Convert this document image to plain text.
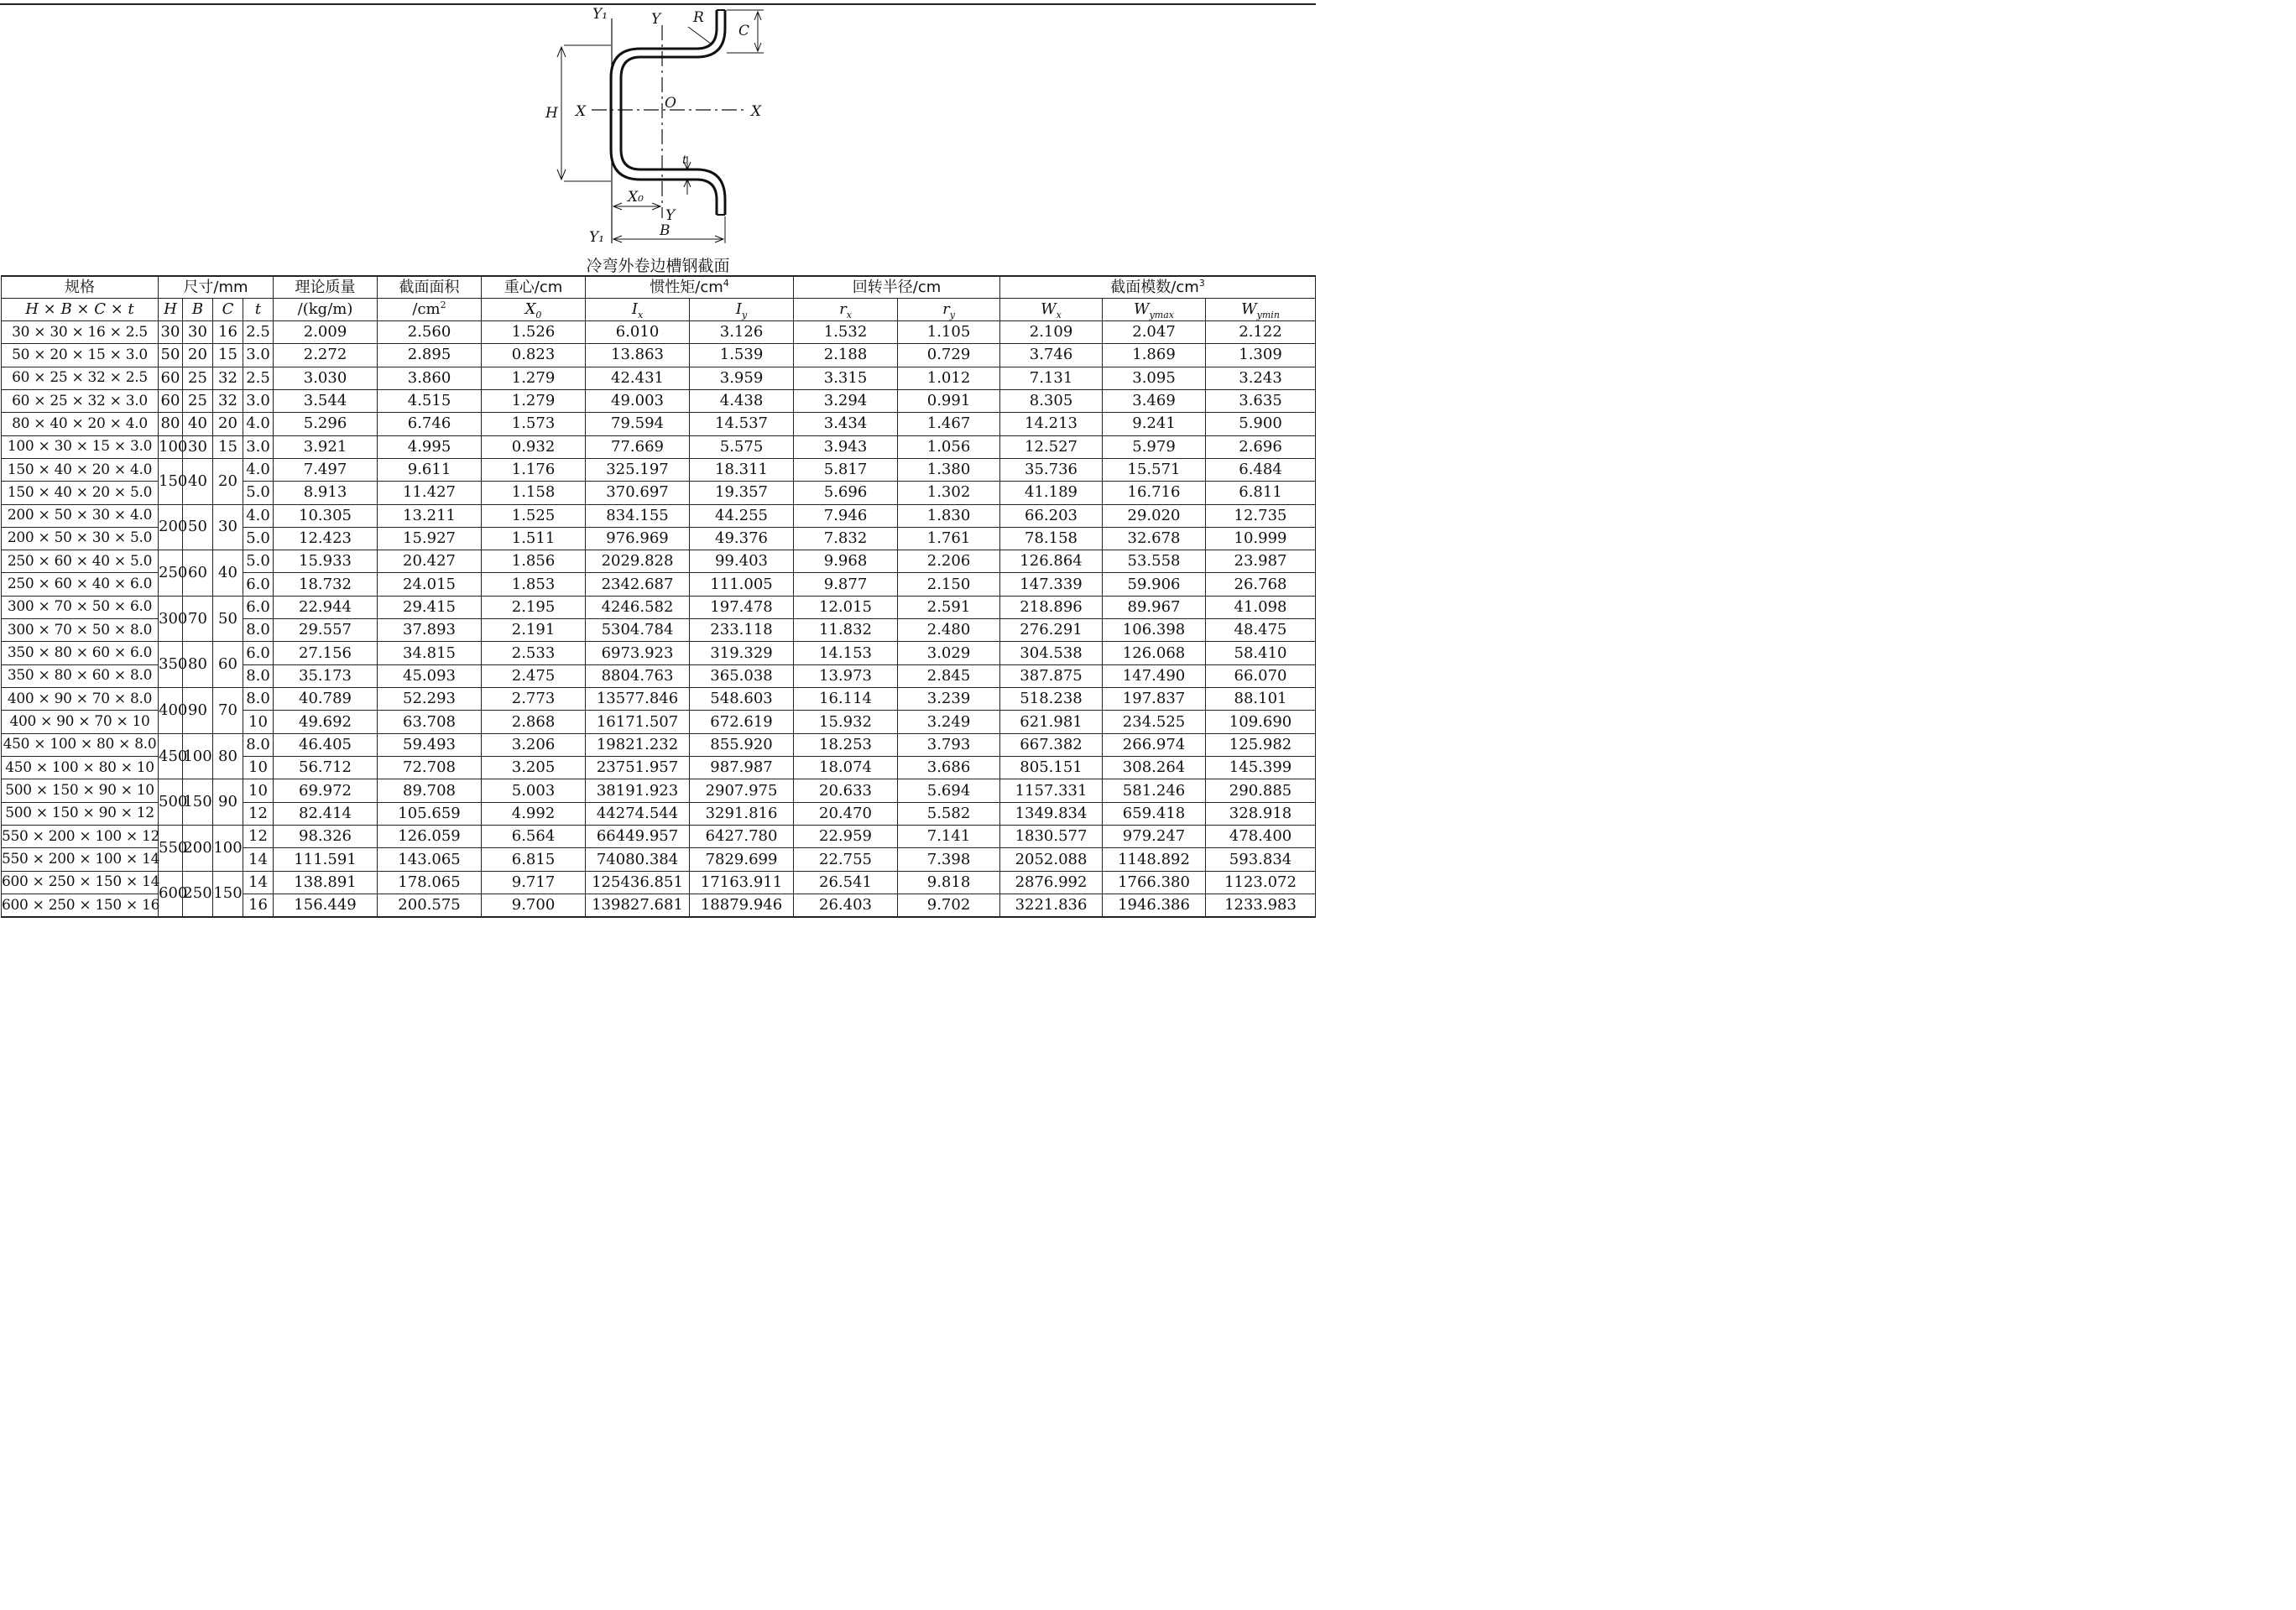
Y₁	Y R
C
H X	O	X
t
X₀
Y
B
Y₁
冷弯外卷边槽钢截面
规格	尺寸/mm				理论质量	截面面积	重心/cm	惯性矩$/cm^4$		回转半径/cm		截面模数$/cm^3$
H × B × C × t	H	B	C	t	/(kg/m)	$/cm^2$	$X_0$	$I_x$	$I_y$	$r_x$	$r_y$	$W_x$	$W_{ymax}$	$W_{ymin}$
30 × 30 × 16 × 2.5	30	30	16	2.5	2.009	2.560	1.526	6.010	3.126	1.532	1.105	2.109	2.047	2.122
50 × 20 × 15 × 3.0	50	20	15	3.0	2.272	2.895	0.823	13.863	1.539	2.188	0.729	3.746	1.869	1.309
60 × 25 × 32 × 2.5	60	25	32	2.5	3.030	3.860	1.279	42.431	3.959	3.315	1.012	7.131	3.095	3.243
60 × 25 × 32 × 3.0	60	25	32	3.0	3.544	4.515	1.279	49.003	4.438	3.294	0.991	8.305	3.469	3.635
80 × 40 × 20 × 4.0	80	40	20	4.0	5.296	6.746	1.573	79.594	14.537	3.434	1.467	14.213	9.241	5.900
100 × 30 × 15 × 3.0	100	30	15	3.0	3.921	4.995	0.932	77.669	5.575	3.943	1.056	12.527	5.979	2.696
150 × 40 × 20 × 4.0	150	40	20	4.0	7.497	9.611	1.176	325.197	18.311	5.817	1.380	35.736	15.571	6.484
150 × 40 × 20 × 5.0				5.0	8.913	11.427	1.158	370.697	19.357	5.696	1.302	41.189	16.716	6.811
200 × 50 × 30 × 4.0	200	50	30	4.0	10.305	13.211	1.525	834.155	44.255	7.946	1.830	66.203	29.020	12.735
200 × 50 × 30 × 5.0				5.0	12.423	15.927	1.511	976.969	49.376	7.832	1.761	78.158	32.678	10.999
250 × 60 × 40 × 5.0	250	60	40	5.0	15.933	20.427	1.856	2029.828	99.403	9.968	2.206	126.864	53.558	23.987
250 × 60 × 40 × 6.0				6.0	18.732	24.015	1.853	2342.687	111.005	9.877	2.150	147.339	59.906	26.768
300 × 70 × 50 × 6.0	300	70	50	6.0	22.944	29.415	2.195	4246.582	197.478	12.015	2.591	218.896	89.967	41.098
300 × 70 × 50 × 8.0				8.0	29.557	37.893	2.191	5304.784	233.118	11.832	2.480	276.291	106.398	48.475
350 × 80 × 60 × 6.0	350	80	60	6.0	27.156	34.815	2.533	6973.923	319.329	14.153	3.029	304.538	126.068	58.410
350 × 80 × 60 × 8.0				8.0	35.173	45.093	2.475	8804.763	365.038	13.973	2.845	387.875	147.490	66.070
400 × 90 × 70 × 8.0	400	90	70	8.0	40.789	52.293	2.773	13577.846	548.603	16.114	3.239	518.238	197.837	88.101
400 × 90 × 70 × 10				10	49.692	63.708	2.868	16171.507	672.619	15.932	3.249	621.981	234.525	109.690
450 × 100 × 80 × 8.0	450	100	80	8.0	46.405	59.493	3.206	19821.232	855.920	18.253	3.793	667.382	266.974	125.982
450 × 100 × 80 × 10				10	56.712	72.708	3.205	23751.957	987.987	18.074	3.686	805.151	308.264	145.399
500 × 150 × 90 × 10	500	150	90	10	69.972	89.708	5.003	38191.923	2907.975	20.633	5.694	1157.331	581.246	290.885
500 × 150 × 90 × 12				12	82.414	105.659	4.992	44274.544	3291.816	20.470	5.582	1349.834	659.418	328.918
550 × 200 × 100 × 12	550	200	100	12	98.326	126.059	6.564	66449.957	6427.780	22.959	7.141	1830.577	979.247	478.400
550 × 200 × 100 × 14				14	111.591	143.065	6.815	74080.384	7829.699	22.755	7.398	2052.088	1148.892	593.834
600 × 250 × 150 × 14	600	250	150	14	138.891	178.065	9.717	125436.851	17163.911	26.541	9.818	2876.992	1766.380	1123.072
600 × 250 × 150 × 16				16	156.449	200.575	9.700	139827.681	18879.946	26.403	9.702	3221.836	1946.386	1233.983
